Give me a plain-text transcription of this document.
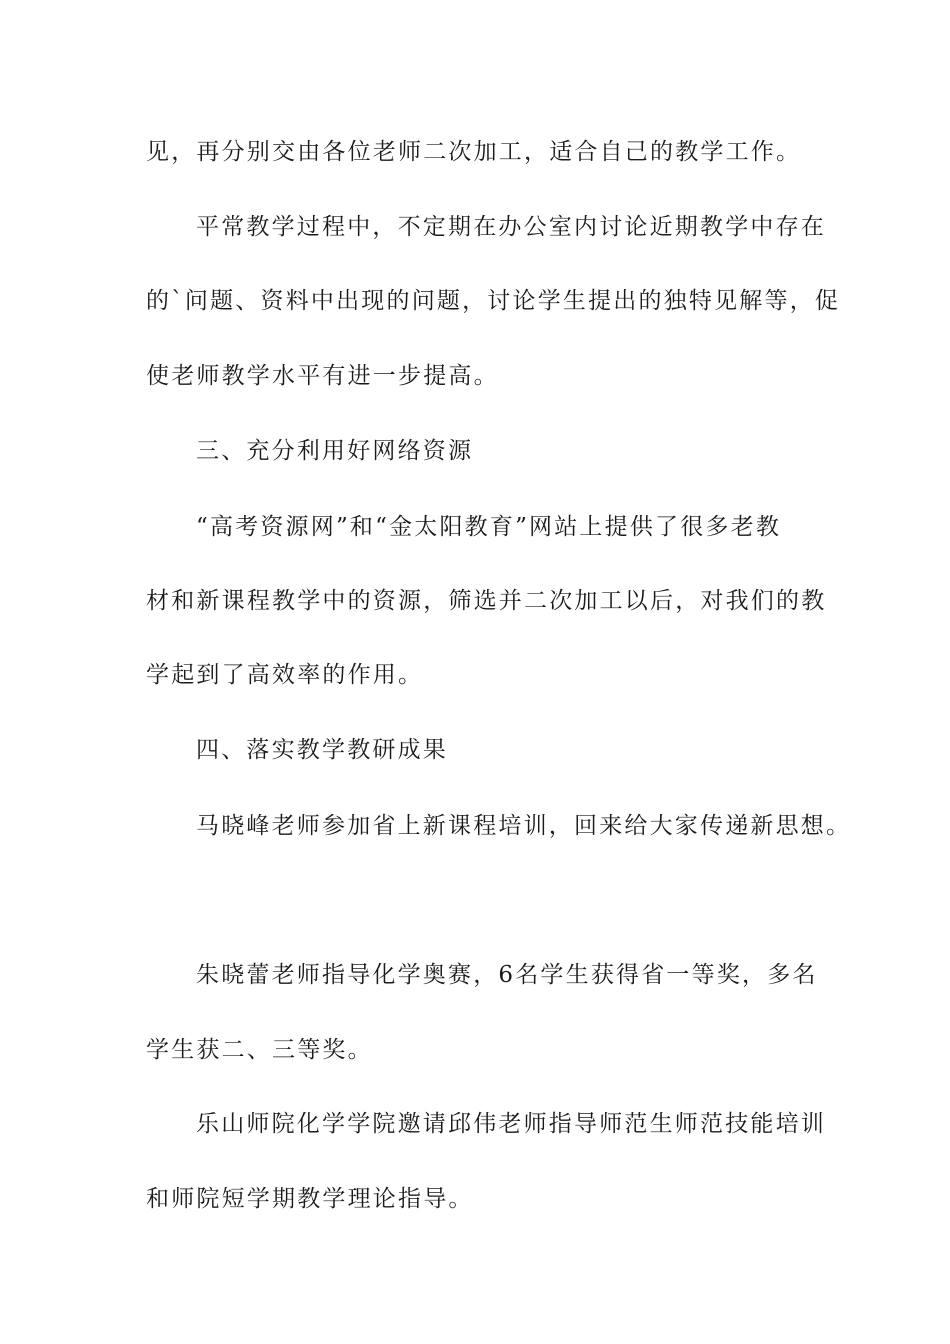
见，再分别交由各位老师二次加工，适合自己的教学工作。
平常教学过程中，不定期在办公室内讨论近期教学中存在
的`问题、资料中出现的问题，讨论学生提出的独特见解等，促
使老师教学水平有进一步提高。
三、充分利用好网络资源
“高考资源网”和“金太阳教育”网站上提供了很多老教
材和新课程教学中的资源，筛选并二次加工以后，对我们的教
学起到了高效率的作用。
四、落实教学教研成果
马晓峰老师参加省上新课程培训，回来给大家传递新思想。
朱晓蕾老师指导化学奥赛，6名学生获得省一等奖，多名
学生获二、三等奖。
乐山师院化学学院邀请邱伟老师指导师范生师范技能培训
和师院短学期教学理论指导。
